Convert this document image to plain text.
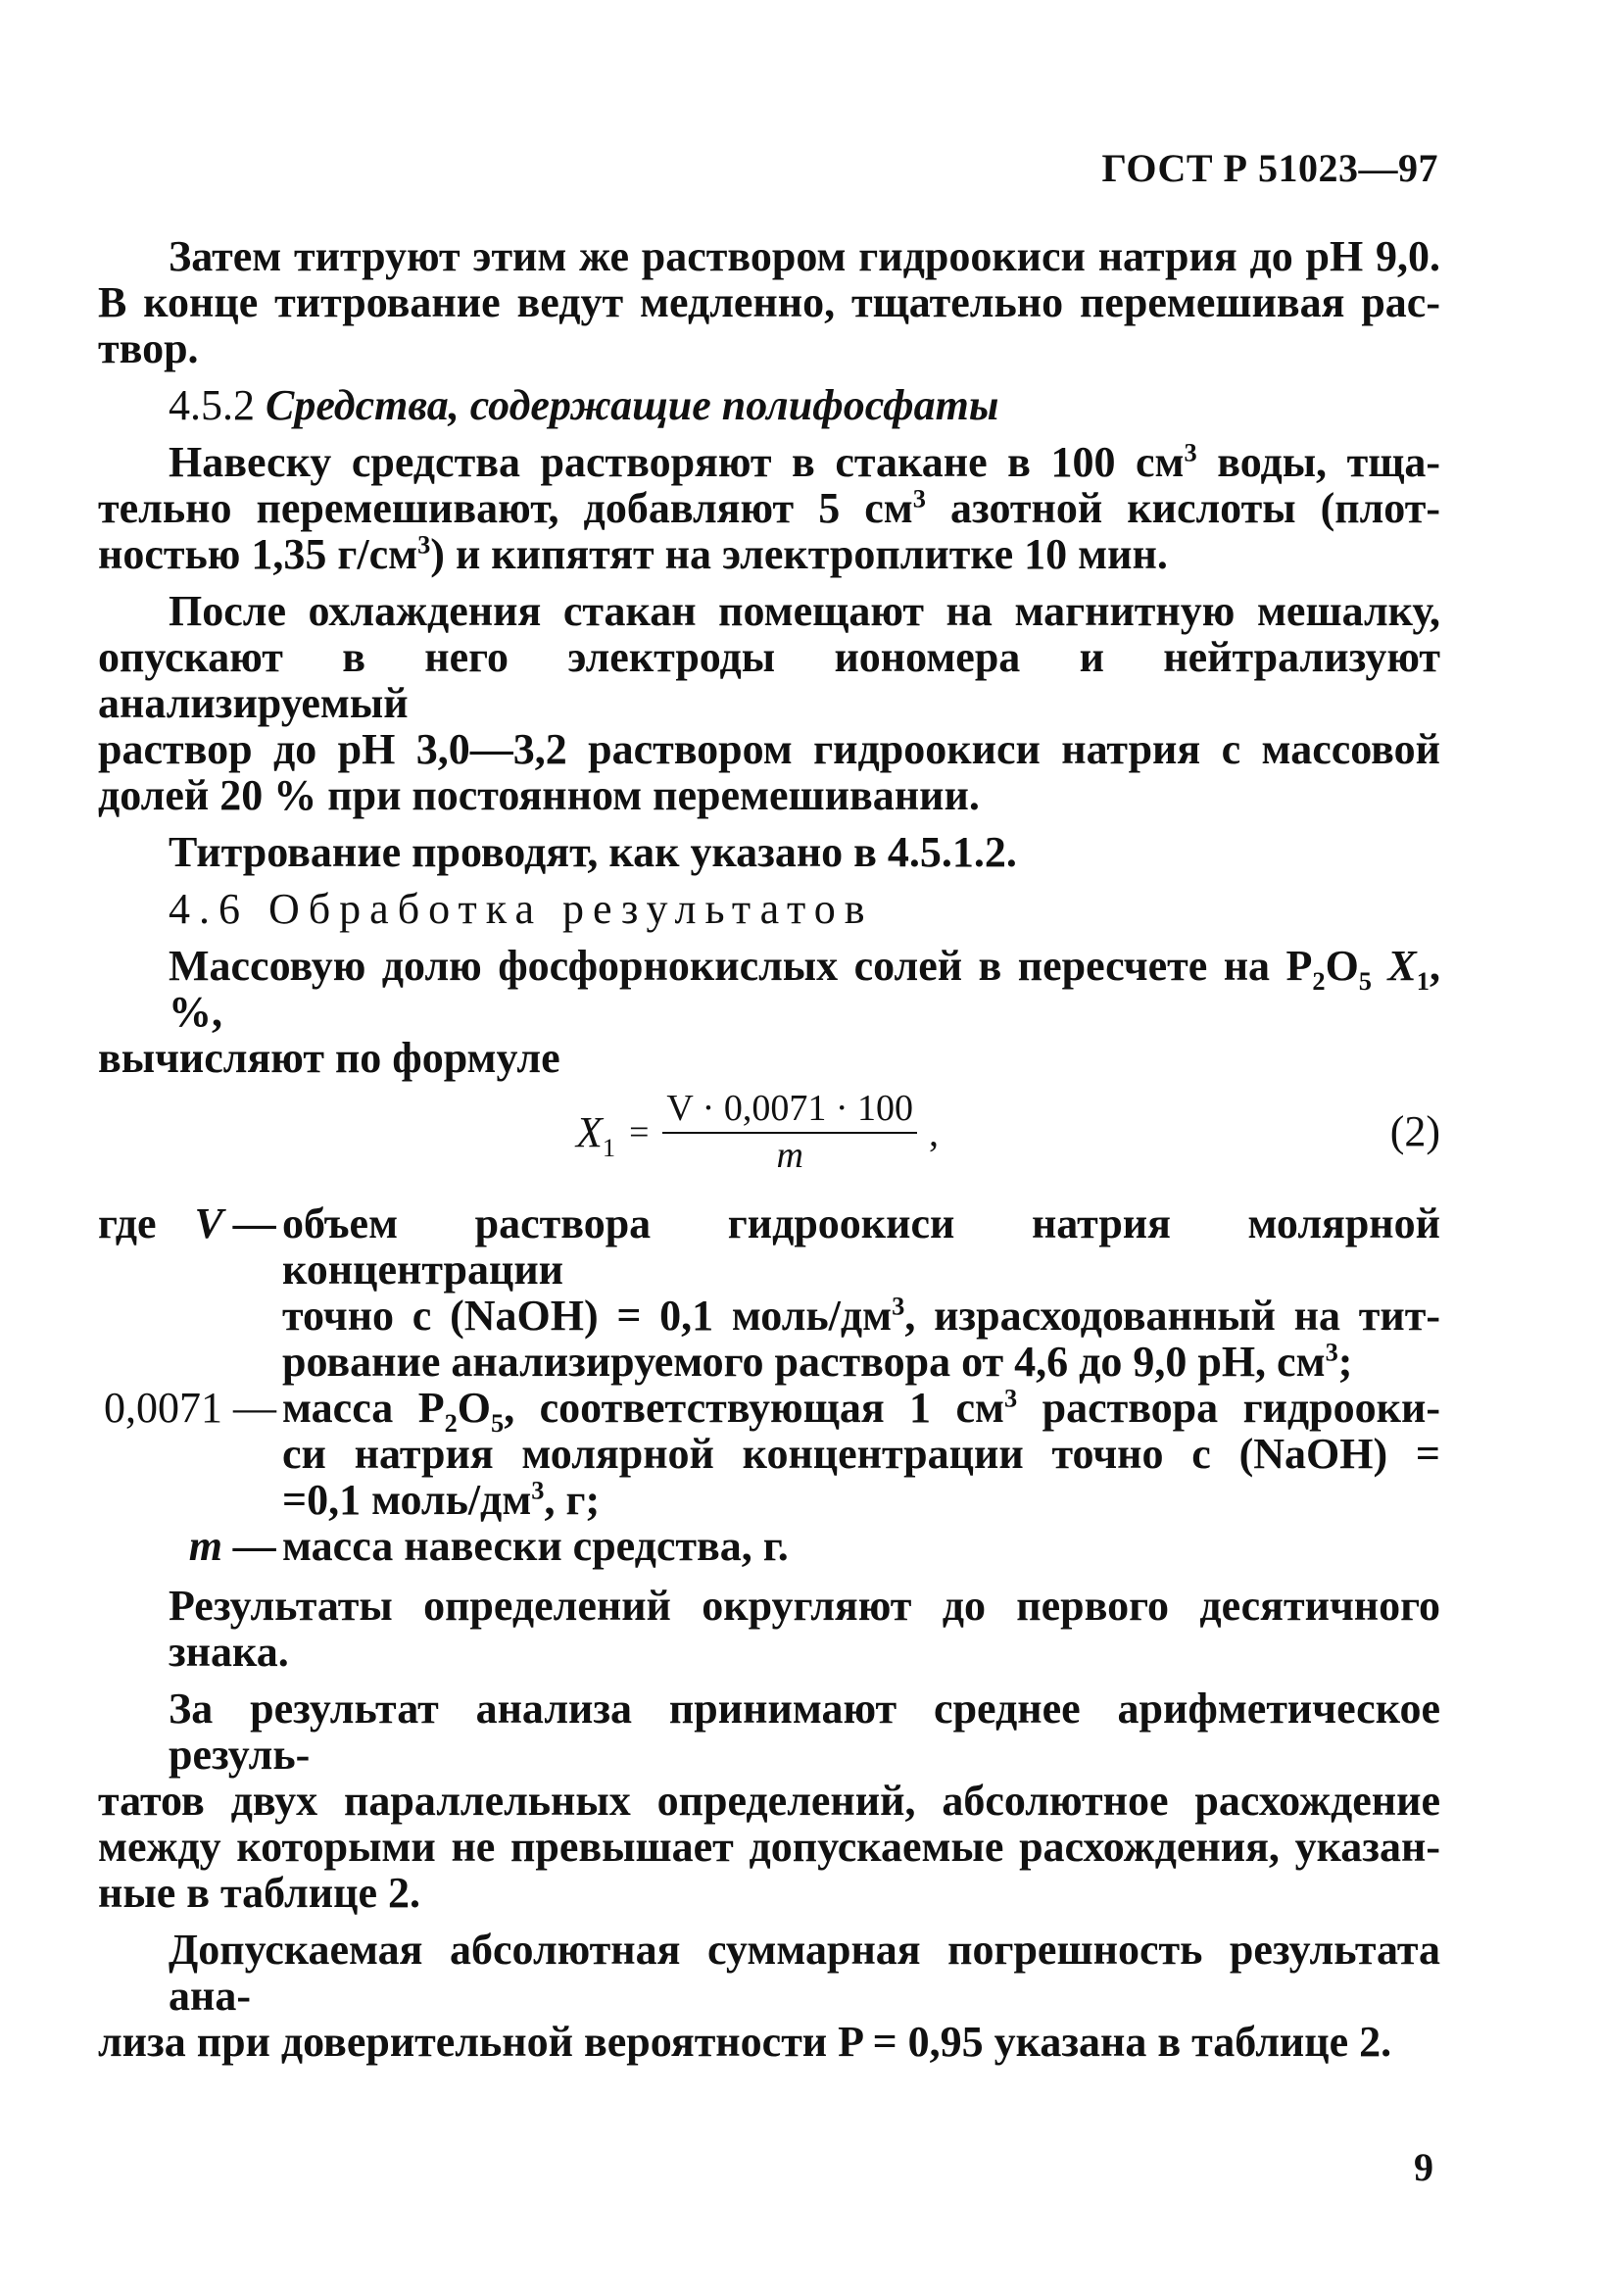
ГОСТ Р 51023—97
Затем титруют этим же раствором гидроокиси натрия до рН 9,0.
В конце титрование ведут медленно, тщательно перемешивая рас-
твор.
4.5.2 Средства, содержащие полифосфаты
Навеску средства растворяют в стакане в 100 $см^3$ воды, тща-
тельно перемешивают, добавляют 5 $см^3$ азотной кислоты (плот-
ностью 1,35 $г/см^3$) и кипятят на электроплитке 10 мин.
После охлаждения стакан помещают на магнитную мешалку,
опускают в него электроды иономера и нейтрализуют анализируемый
раствор до рН 3,0—3,2 раствором гидроокиси натрия с массовой
долей 20 % при постоянном перемешивании.
Титрование проводят, как указано в 4.5.1.2.
4.6 Обработка результатов
Массовую долю фосфорнокислых солей в пересчете на $P_2O_5$ $X_1$, %,
вычисляют по формуле
$X_1 = \frac{V \cdot 0,0071 \cdot 100}{m}$ ,	(2)
где V — объем раствора гидроокиси натрия молярной концентрации
точно c (NaOH) = 0,1 моль/$дм^3$, израсходованный на тит-
рование анализируемого раствора от 4,6 до 9,0 рН, $см^3$;
0,0071 — масса $P_2O_5$, соответствующая 1 $см^3$ раствора гидрооки-
си натрия молярной концентрации точно c (NaOH) =
=0,1 моль/$дм^3$, г;
m — масса навески средства, г.
Результаты определений округляют до первого десятичного знака.
За результат анализа принимают среднее арифметическое резуль-
татов двух параллельных определений, абсолютное расхождение
между которыми не превышает допускаемые расхождения, указан-
ные в таблице 2.
Допускаемая абсолютная суммарная погрешность результата ана-
лиза при доверительной вероятности P = 0,95 указана в таблице 2.
9
